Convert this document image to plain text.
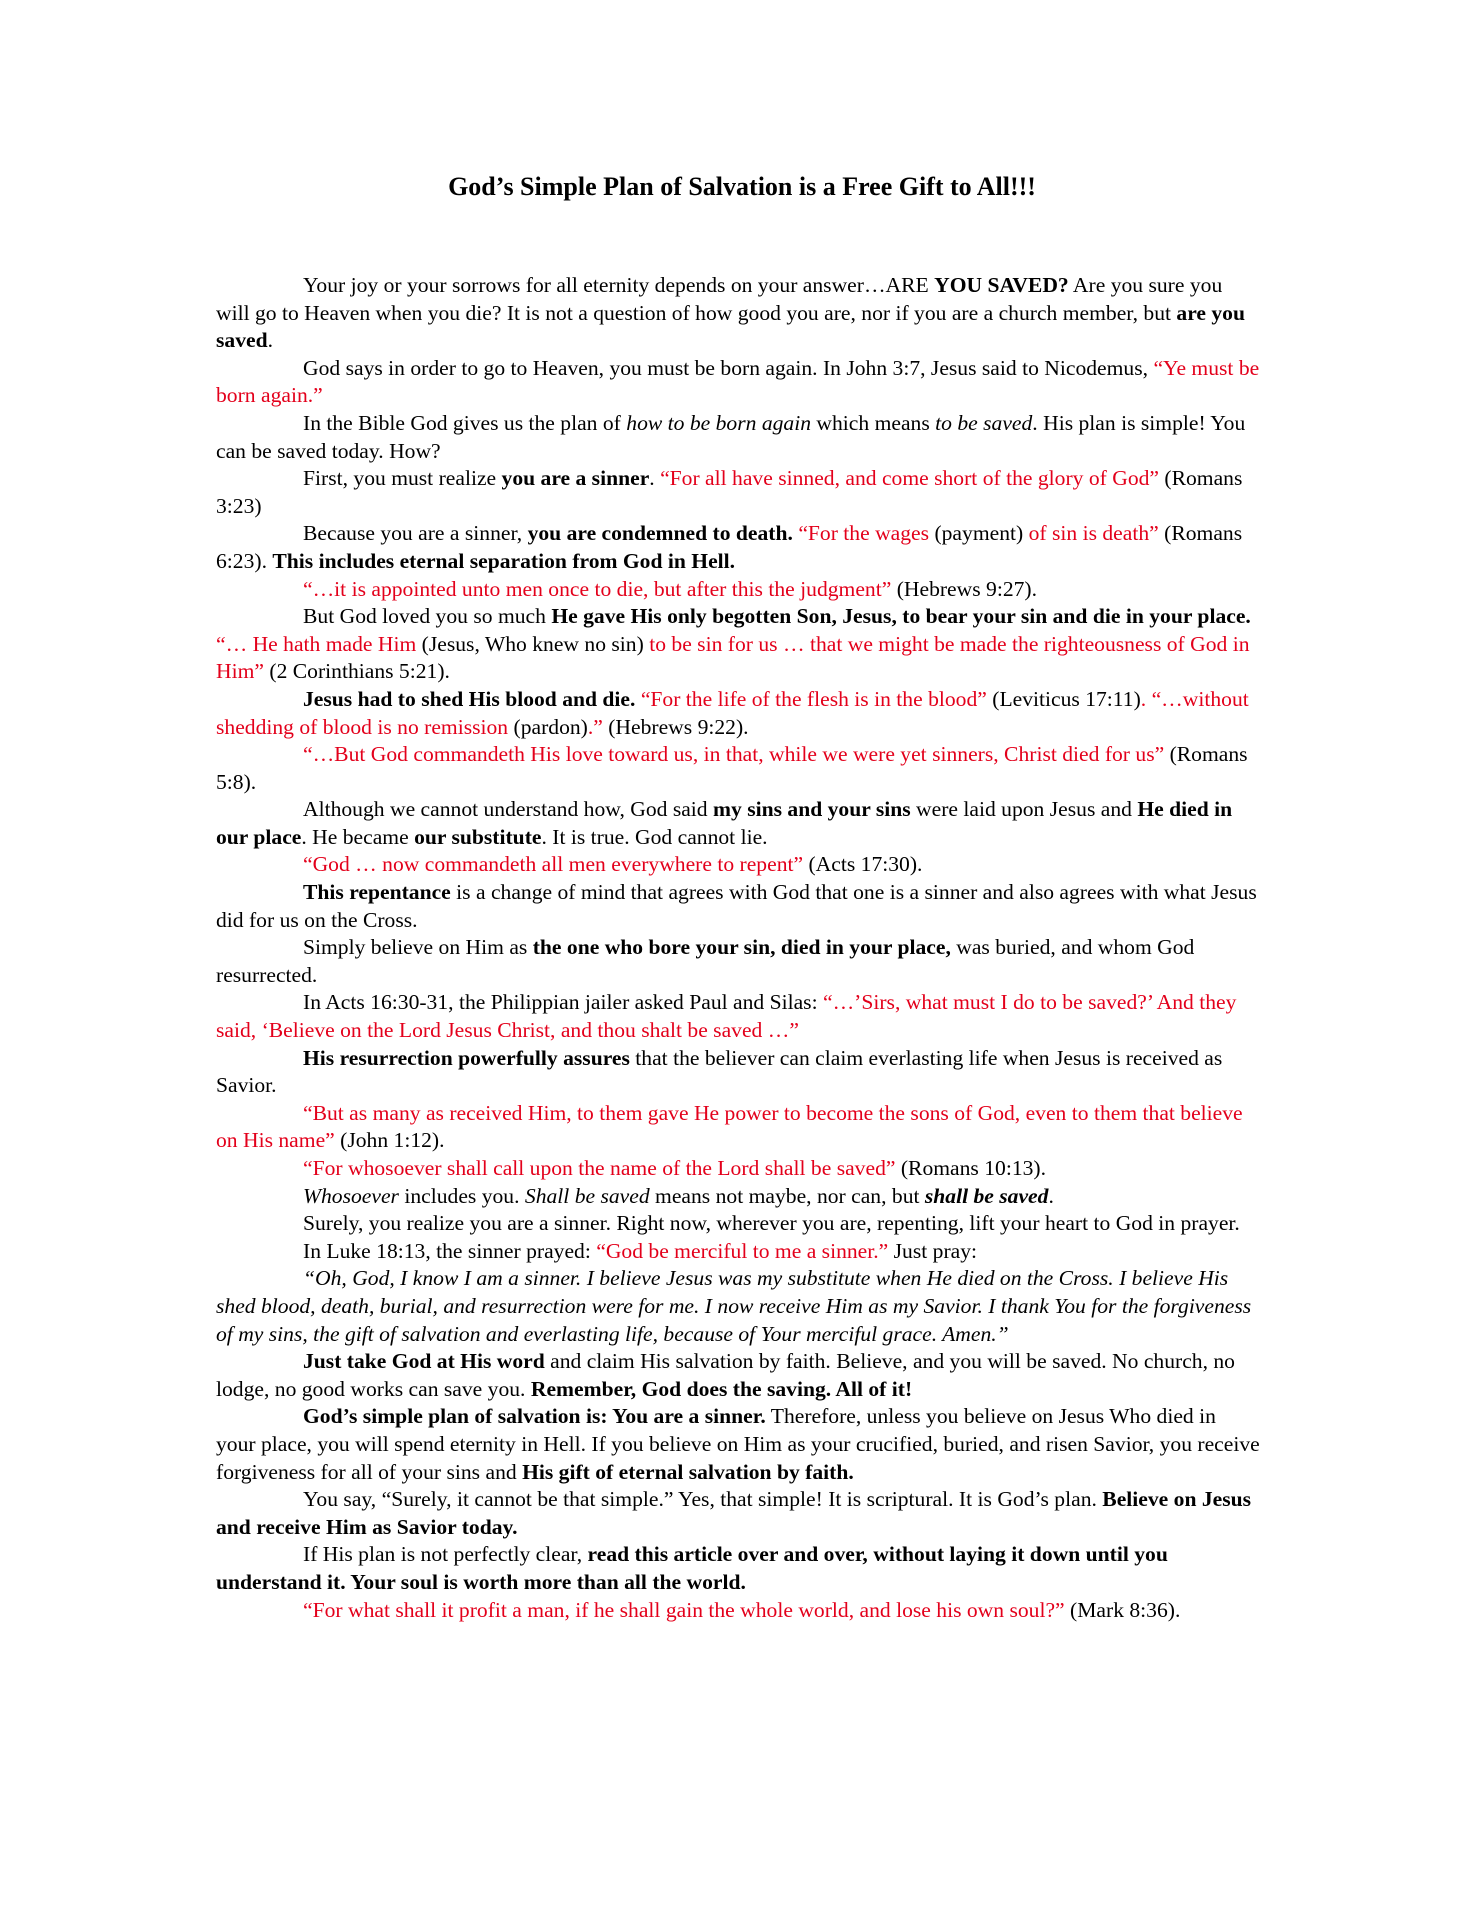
God’s Simple Plan of Salvation is a Free Gift to All!!!

Your joy or your sorrows for all eternity depends on your answer…ARE YOU SAVED? Are you sure you will go to Heaven when you die? It is not a question of how good you are, nor if you are a church member, but are you saved.

God says in order to go to Heaven, you must be born again. In John 3:7, Jesus said to Nicodemus, “Ye must be born again.”

In the Bible God gives us the plan of how to be born again which means to be saved. His plan is simple! You can be saved today. How?

First, you must realize you are a sinner. “For all have sinned, and come short of the glory of God” (Romans 3:23)

Because you are a sinner, you are condemned to death. “For the wages (payment) of sin is death” (Romans 6:23). This includes eternal separation from God in Hell.

“…it is appointed unto men once to die, but after this the judgment” (Hebrews 9:27).

But God loved you so much He gave His only begotten Son, Jesus, to bear your sin and die in your place. “… He hath made Him (Jesus, Who knew no sin) to be sin for us … that we might be made the righteousness of God in Him” (2 Corinthians 5:21).

Jesus had to shed His blood and die. “For the life of the flesh is in the blood” (Leviticus 17:11). “…without shedding of blood is no remission (pardon).” (Hebrews 9:22).

“…But God commandeth His love toward us, in that, while we were yet sinners, Christ died for us” (Romans 5:8).

Although we cannot understand how, God said my sins and your sins were laid upon Jesus and He died in our place. He became our substitute. It is true. God cannot lie.

“God … now commandeth all men everywhere to repent” (Acts 17:30).

This repentance is a change of mind that agrees with God that one is a sinner and also agrees with what Jesus did for us on the Cross.

Simply believe on Him as the one who bore your sin, died in your place, was buried, and whom God resurrected.

In Acts 16:30-31, the Philippian jailer asked Paul and Silas: “…’Sirs, what must I do to be saved?’ And they said, ‘Believe on the Lord Jesus Christ, and thou shalt be saved …”

His resurrection powerfully assures that the believer can claim everlasting life when Jesus is received as Savior.

“But as many as received Him, to them gave He power to become the sons of God, even to them that believe on His name” (John 1:12).

“For whosoever shall call upon the name of the Lord shall be saved” (Romans 10:13).

Whosoever includes you. Shall be saved means not maybe, nor can, but shall be saved.

Surely, you realize you are a sinner. Right now, wherever you are, repenting, lift your heart to God in prayer.

In Luke 18:13, the sinner prayed: “God be merciful to me a sinner.” Just pray:

“Oh, God, I know I am a sinner. I believe Jesus was my substitute when He died on the Cross. I believe His shed blood, death, burial, and resurrection were for me. I now receive Him as my Savior. I thank You for the forgiveness of my sins, the gift of salvation and everlasting life, because of Your merciful grace. Amen.”

Just take God at His word and claim His salvation by faith. Believe, and you will be saved. No church, no lodge, no good works can save you. Remember, God does the saving. All of it!

God’s simple plan of salvation is: You are a sinner. Therefore, unless you believe on Jesus Who died in your place, you will spend eternity in Hell. If you believe on Him as your crucified, buried, and risen Savior, you receive forgiveness for all of your sins and His gift of eternal salvation by faith.

You say, “Surely, it cannot be that simple.” Yes, that simple! It is scriptural. It is God’s plan. Believe on Jesus and receive Him as Savior today.

If His plan is not perfectly clear, read this article over and over, without laying it down until you understand it. Your soul is worth more than all the world.

“For what shall it profit a man, if he shall gain the whole world, and lose his own soul?” (Mark 8:36).
